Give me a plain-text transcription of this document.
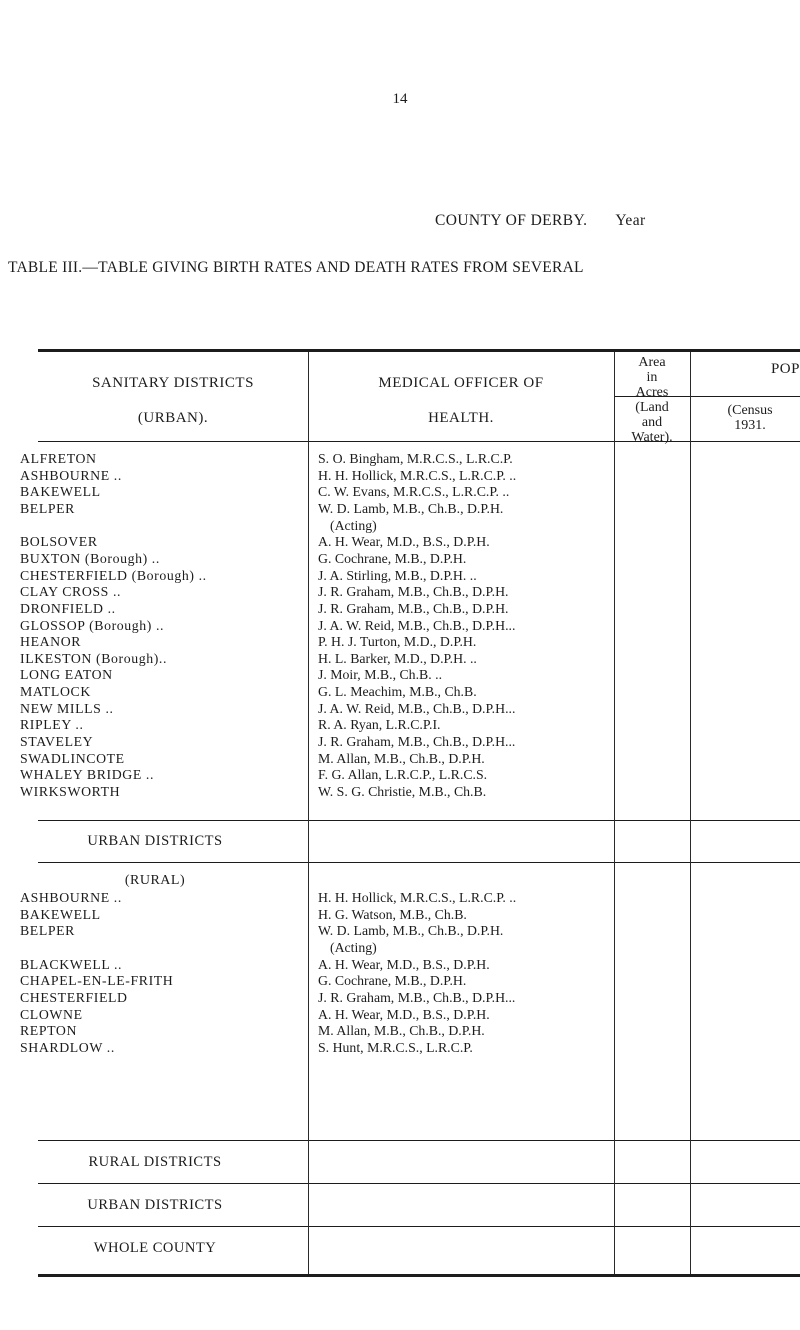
14
COUNTY OF DERBY. Year
TABLE III.—TABLE GIVING BIRTH RATES AND DEATH RATES FROM SEVERAL
SANITARY DISTRICTS
(URBAN).
MEDICAL OFFICER OF
HEALTH.
Area
in
Acres
(Land
and
Water).
POP
(Census
1931.
ALFRETON	S. O. Bingham, M.R.C.S., L.R.C.P.
ASHBOURNE ..	H. H. Hollick, M.R.C.S., L.R.C.P. ..
BAKEWELL	C. W. Evans, M.R.C.S., L.R.C.P. ..
BELPER	W. D. Lamb, M.B., Ch.B., D.P.H.
(Acting)
BOLSOVER	A. H. Wear, M.D., B.S., D.P.H.
BUXTON (Borough) ..	G. Cochrane, M.B., D.P.H.
CHESTERFIELD (Borough) ..	J. A. Stirling, M.B., D.P.H. ..
CLAY CROSS ..	J. R. Graham, M.B., Ch.B., D.P.H.
DRONFIELD ..	J. R. Graham, M.B., Ch.B., D.P.H.
GLOSSOP (Borough) ..	J. A. W. Reid, M.B., Ch.B., D.P.H...
HEANOR	P. H. J. Turton, M.D., D.P.H.
ILKESTON (Borough)..	H. L. Barker, M.D., D.P.H. ..
LONG EATON	J. Moir, M.B., Ch.B. ..
MATLOCK	G. L. Meachim, M.B., Ch.B.
NEW MILLS ..	J. A. W. Reid, M.B., Ch.B., D.P.H...
RIPLEY ..	R. A. Ryan, L.R.C.P.I.
STAVELEY	J. R. Graham, M.B., Ch.B., D.P.H...
SWADLINCOTE	M. Allan, M.B., Ch.B., D.P.H.
WHALEY BRIDGE ..	F. G. Allan, L.R.C.P., L.R.C.S.
WIRKSWORTH	W. S. G. Christie, M.B., Ch.B.
URBAN DISTRICTS
(RURAL)
ASHBOURNE ..	H. H. Hollick, M.R.C.S., L.R.C.P. ..
BAKEWELL	H. G. Watson, M.B., Ch.B.
BELPER	W. D. Lamb, M.B., Ch.B., D.P.H.
(Acting)
BLACKWELL ..	A. H. Wear, M.D., B.S., D.P.H.
CHAPEL-EN-LE-FRITH	G. Cochrane, M.B., D.P.H.
CHESTERFIELD	J. R. Graham, M.B., Ch.B., D.P.H...
CLOWNE	A. H. Wear, M.D., B.S., D.P.H.
REPTON	M. Allan, M.B., Ch.B., D.P.H.
SHARDLOW ..	S. Hunt, M.R.C.S., L.R.C.P.
RURAL DISTRICTS
URBAN DISTRICTS
WHOLE COUNTY
